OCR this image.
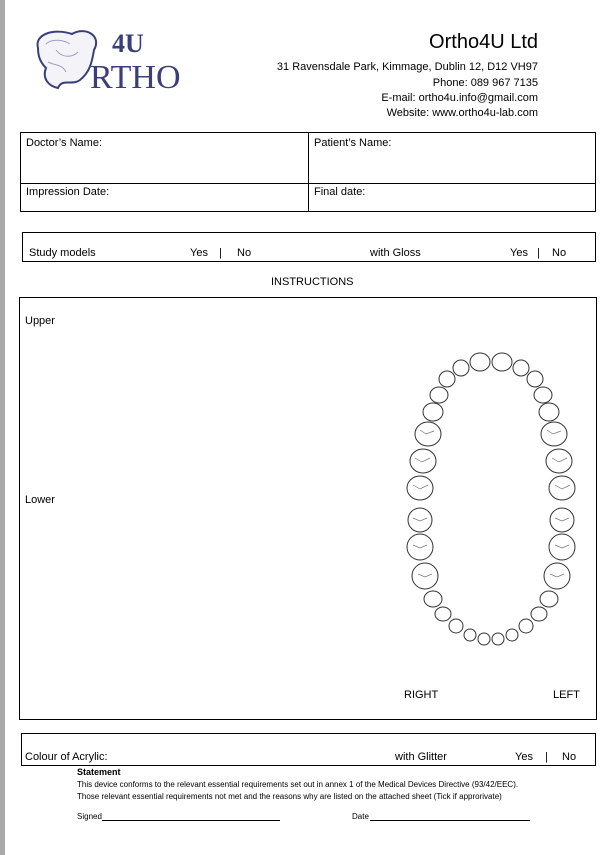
4U
RTHO
Ortho4U Ltd
31 Ravensdale Park, Kimmage, Dublin 12, D12 VH97
Phone: 089 967 7135
E-mail: ortho4u.info@gmail.com
Website: www.ortho4u-lab.com
Doctor’s Name:	Patient’s Name:
Impression Date:	Final date:
Study models	Yes | No	with Gloss	Yes | No
INSTRUCTIONS
Upper
Lower
RIGHT	LEFT
Colour of Acrylic:	with Glitter	Yes | No
Statement
This device conforms to the relevant essential requirements set out in annex 1 of the Medical Devices Directive (93/42/EEC).
Those relevant essential requirements not met and the reasons why are listed on the attached sheet (Tick if approrivate)
Signed	Date
